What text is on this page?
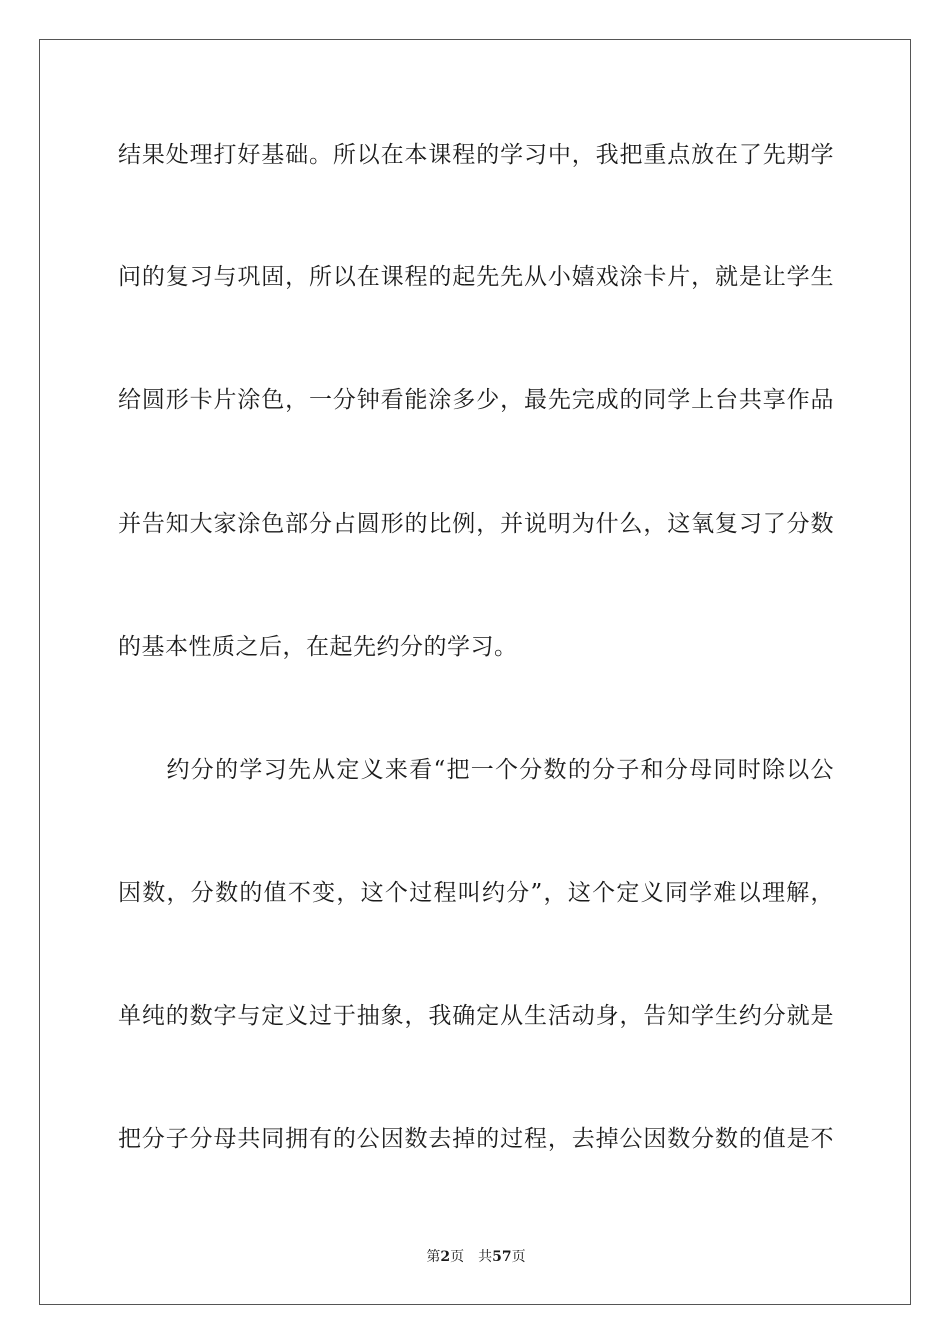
结果处理打好基础。所以在本课程的学习中，我把重点放在了先期学
问的复习与巩固，所以在课程的起先先从小嬉戏涂卡片，就是让学生
给圆形卡片涂色，一分钟看能涂多少，最先完成的同学上台共享作品
并告知大家涂色部分占圆形的比例，并说明为什么，这氧复习了分数
的基本性质之后，在起先约分的学习。
　　约分的学习先从定义来看“把一个分数的分子和分母同时除以公
因数，分数的值不变，这个过程叫约分”，这个定义同学难以理解，
单纯的数字与定义过于抽象，我确定从生活动身，告知学生约分就是
把分子分母共同拥有的公因数去掉的过程，去掉公因数分数的值是不
第2页 共57页
